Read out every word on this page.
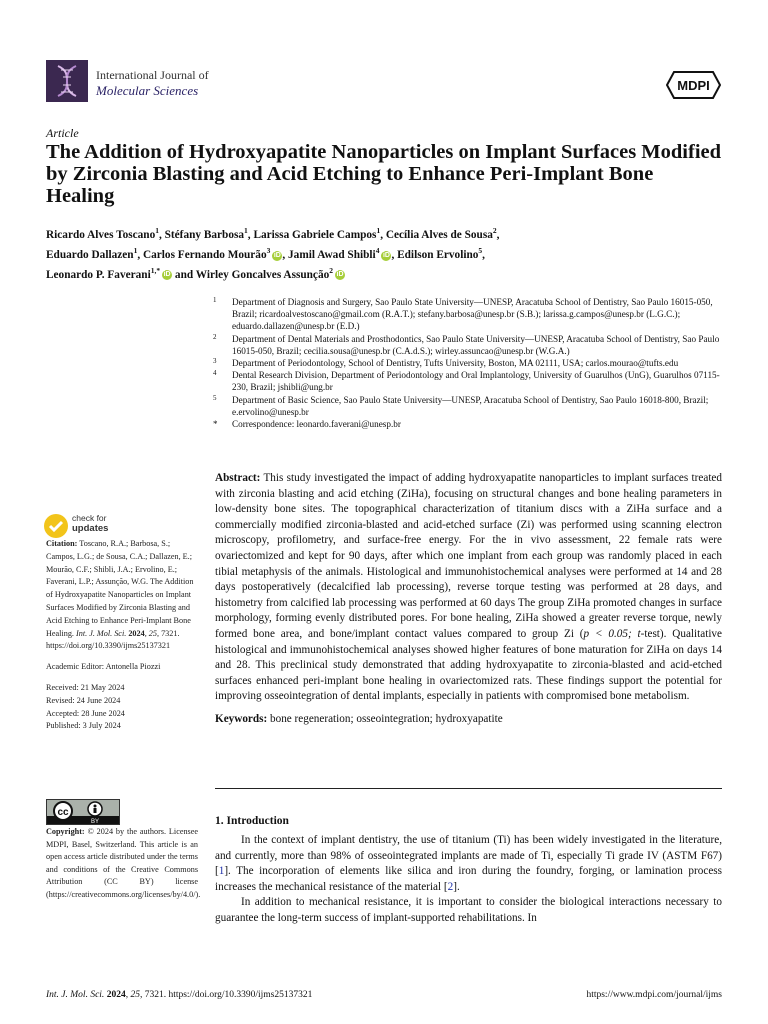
International Journal of
Molecular Sciences	MDPI
Article
The Addition of Hydroxyapatite Nanoparticles on Implant Surfaces Modified by Zirconia Blasting and Acid Etching to Enhance Peri-Implant Bone Healing
Ricardo Alves Toscano$^1$, Stéfany Barbosa$^1$, Larissa Gabriele Campos$^1$, Cecília Alves de Sousa$^2$,
Eduardo Dallazen$^1$, Carlos Fernando Mourão$^3$iD , Jamil Awad Shibli$^4$iD , Edilson Ervolino$^5$,
Leonardo P. Faverani$^{1,*}$iD and Wirley Goncalves Assunção$^2$iD
1 Department of Diagnosis and Surgery, Sao Paulo State University—UNESP, Aracatuba School of Dentistry, Sao Paulo 16015-050, Brazil; ricardoalvestoscano@gmail.com (R.A.T.); stefany.barbosa@unesp.br (S.B.); larissa.g.campos@unesp.br (L.G.C.); eduardo.dallazen@unesp.br (E.D.)
2 Department of Dental Materials and Prosthodontics, Sao Paulo State University—UNESP, Aracatuba School of Dentistry, Sao Paulo 16015-050, Brazil; cecilia.sousa@unesp.br (C.A.d.S.); wirley.assuncao@unesp.br (W.G.A.)
3 Department of Periodontology, School of Dentistry, Tufts University, Boston, MA 02111, USA; carlos.mourao@tufts.edu
4 Dental Research Division, Department of Periodontology and Oral Implantology, University of Guarulhos (UnG), Guarulhos 07115-230, Brazil; jshibli@ung.br
5 Department of Basic Science, Sao Paulo State University—UNESP, Aracatuba School of Dentistry, Sao Paulo 16018-800, Brazil; e.ervolino@unesp.br
* Correspondence: leonardo.faverani@unesp.br
check for
updates

Citation: Toscano, R.A.; Barbosa, S.; Campos, L.G.; de Sousa, C.A.; Dallazen, E.; Mourão, C.F.; Shibli, J.A.; Ervolino, E.; Faverani, L.P.; Assunção, W.G. The Addition of Hydroxyapatite Nanoparticles on Implant Surfaces Modified by Zirconia Blasting and Acid Etching to Enhance Peri-Implant Bone Healing. Int. J. Mol. Sci. 2024, 25, 7321. https://doi.org/10.3390/ijms25137321

Academic Editor: Antonella Piozzi

Received: 21 May 2024

Revised: 24 June 2024

Accepted: 28 June 2024

Published: 3 July 2024

cc
BY
Copyright: © 2024 by the authors. Licensee MDPI, Basel, Switzerland. This article is an open access article distributed under the terms and conditions of the Creative Commons Attribution (CC BY) license (https://creativecommons.org/licenses/by/4.0/).

Abstract: This study investigated the impact of adding hydroxyapatite nanoparticles to implant surfaces treated with zirconia blasting and acid etching (ZiHa), focusing on structural changes and bone healing parameters in low-density bone sites. The topographical characterization of titanium discs with a ZiHa surface and a commercially modified zirconia-blasted and acid-etched surface (Zi) was performed using scanning electron microscopy, profilometry, and surface-free energy. For the in vivo assessment, 22 female rats were ovariectomized and kept for 90 days, after which one implant from each group was randomly placed in each tibial metaphysis of the animals. Histological and immunohistochemical analyses were performed at 14 and 28 days postoperatively (decalcified lab processing), reverse torque testing was performed at 28 days, and histometry from calcified lab processing was performed at 60 days The group ZiHa promoted changes in surface morphology, forming evenly distributed pores. For bone healing, ZiHa showed a greater reverse torque, newly formed bone area, and bone/implant contact values compared to group Zi (p < 0.05; t-test). Qualitative histological and immunohistochemical analyses showed higher features of bone maturation for ZiHa on days 14 and 28. This preclinical study demonstrated that adding hydroxyapatite to zirconia-blasted and acid-etched surfaces enhanced peri-implant bone healing in ovariectomized rats. These findings support the potential for improving osseointegration of dental implants, especially in patients with compromised bone metabolism.

Keywords: bone regeneration; osseointegration; hydroxyapatite

1. Introduction

In the context of implant dentistry, the use of titanium (Ti) has been widely investigated in the literature, and currently, more than 98% of osseointegrated implants are made of Ti, especially Ti grade IV (ASTM F67) [1]. The incorporation of elements like silica and iron during the foundry, forging, or lamination process increases the mechanical resistance of the material [2].

In addition to mechanical resistance, it is important to consider the biological interactions necessary to guarantee the long-term success of implant-supported rehabilitations. In

Int. J. Mol. Sci. 2024, 25, 7321. https://doi.org/10.3390/ijms25137321	https://www.mdpi.com/journal/ijms
